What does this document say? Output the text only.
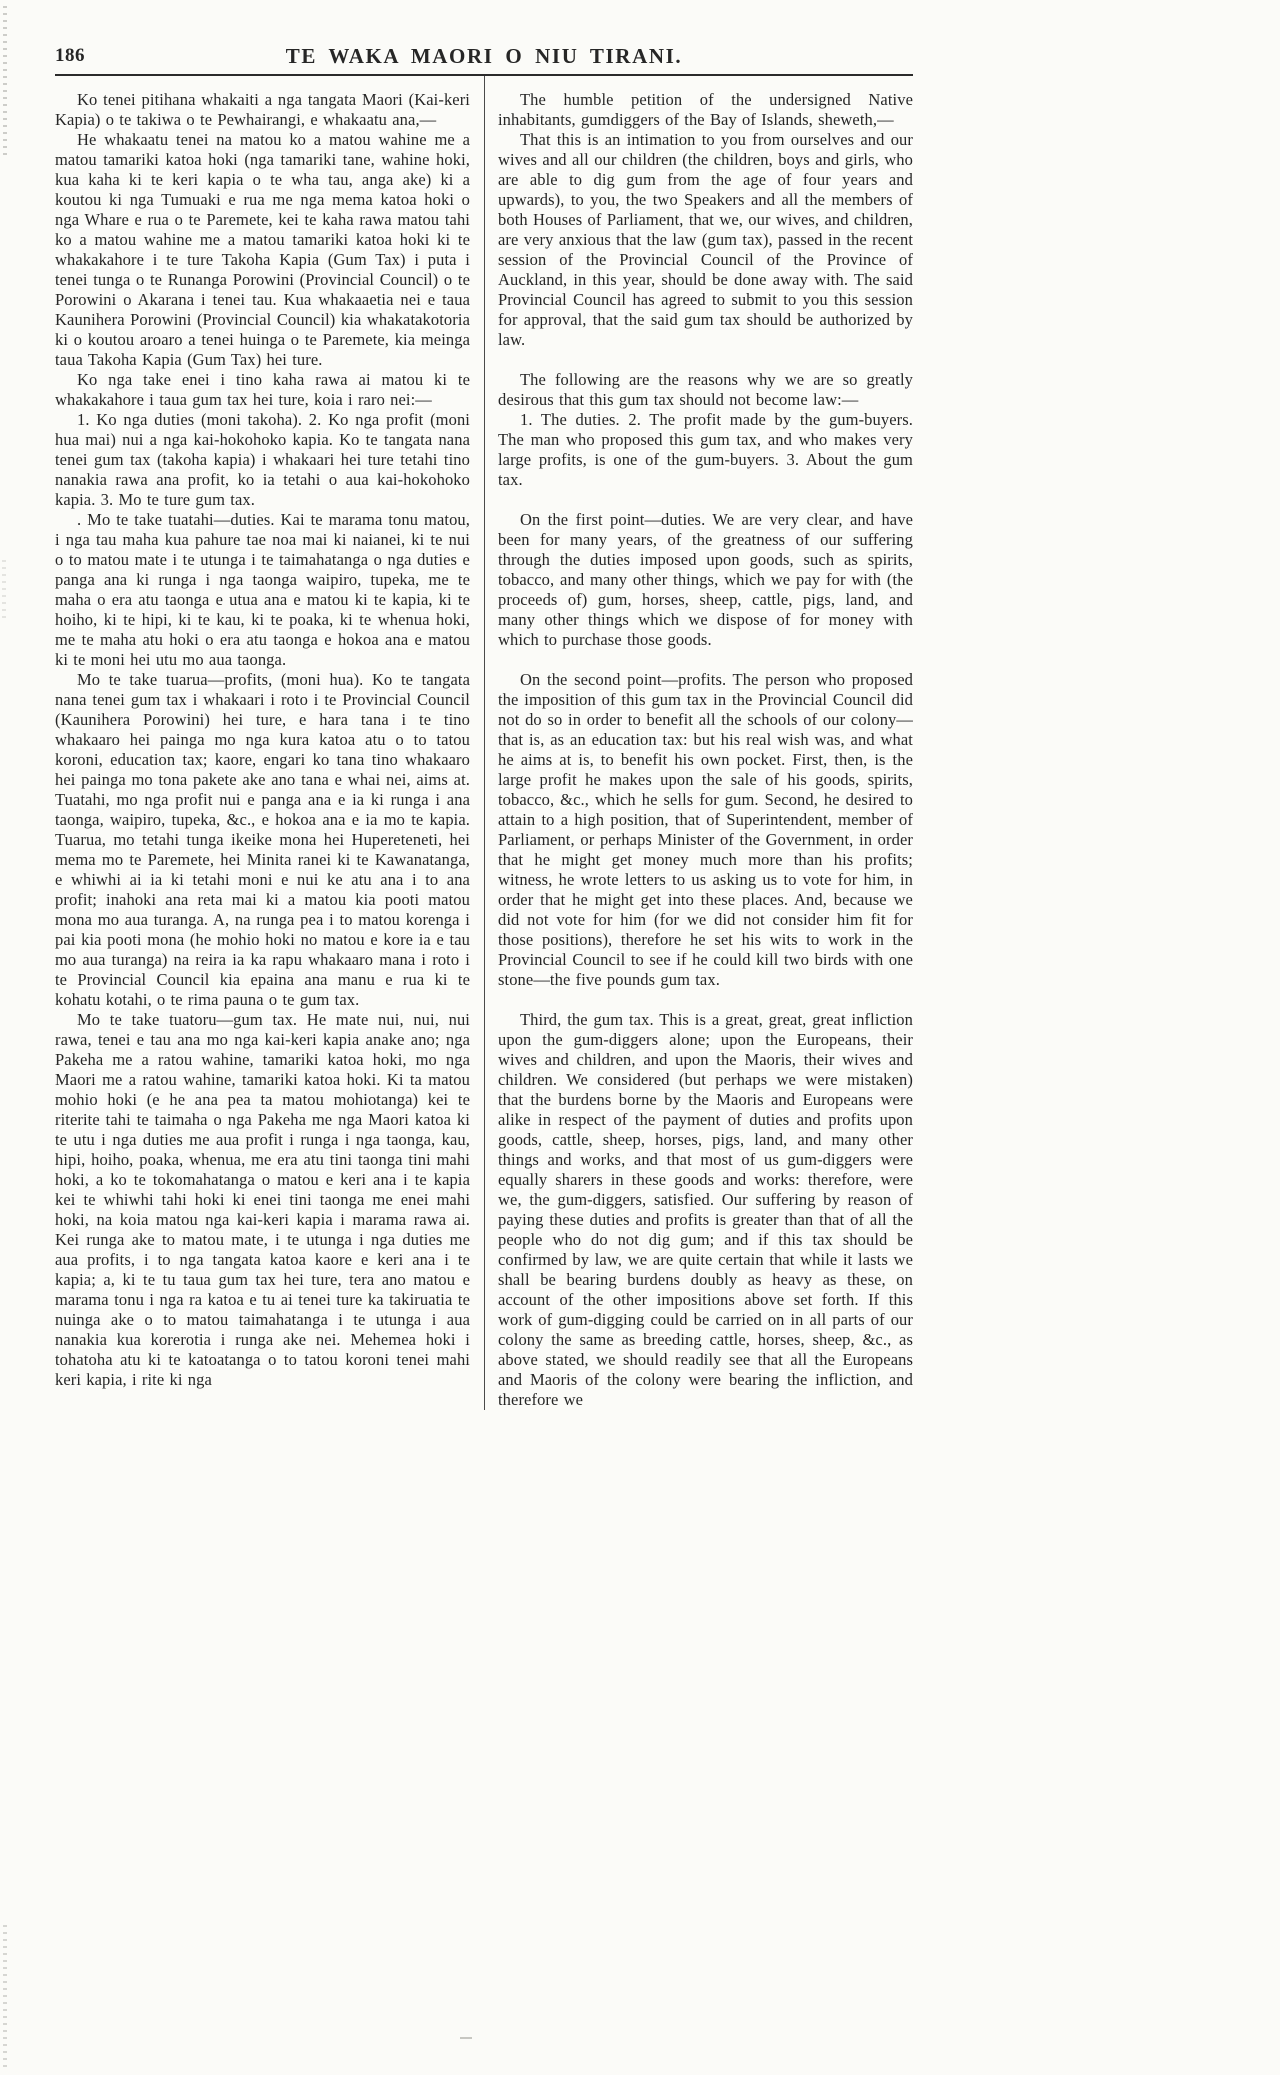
186	TE WAKA MAORI O NIU TIRANI.

Ko tenei pitihana whakaiti a nga tangata Maori (Kai-keri Kapia) o te takiwa o te Pewhairangi, e whakaatu ana,—

The humble petition of the undersigned Native inhabitants, gumdiggers of the Bay of Islands, sheweth,—

He whakaatu tenei na matou ko a matou wahine me a matou tamariki katoa hoki (nga tamariki tane, wahine hoki, kua kaha ki te keri kapia o te wha tau, anga ake) ki a koutou ki nga Tumuaki e rua me nga mema katoa hoki o nga Whare e rua o te Paremete, kei te kaha rawa matou tahi ko a matou wahine me a matou tamariki katoa hoki ki te whakakahore i te ture Takoha Kapia (Gum Tax) i puta i tenei tunga o te Runanga Porowini (Provincial Council) o te Porowini o Akarana i tenei tau. Kua whakaaetia nei e taua Kaunihera Porowini (Provincial Council) kia whakatakotoria ki o koutou aroaro a tenei huinga o te Paremete, kia meinga taua Takoha Kapia (Gum Tax) hei ture.

That this is an intimation to you from ourselves and our wives and all our children (the children, boys and girls, who are able to dig gum from the age of four years and upwards), to you, the two Speakers and all the members of both Houses of Parliament, that we, our wives, and children, are very anxious that the law (gum tax), passed in the recent session of the Provincial Council of the Province of Auckland, in this year, should be done away with. The said Provincial Council has agreed to submit to you this session for approval, that the said gum tax should be authorized by law.

Ko nga take enei i tino kaha rawa ai matou ki te whakakahore i taua gum tax hei ture, koia i raro nei:—

The following are the reasons why we are so greatly desirous that this gum tax should not become law:—

1. Ko nga duties (moni takoha). 2. Ko nga profit (moni hua mai) nui a nga kai-hokohoko kapia. Ko te tangata nana tenei gum tax (takoha kapia) i whakaari hei ture tetahi tino nanakia rawa ana profit, ko ia tetahi o aua kai-hokohoko kapia. 3. Mo te ture gum tax.

1. The duties. 2. The profit made by the gum-buyers. The man who proposed this gum tax, and who makes very large profits, is one of the gum-buyers. 3. About the gum tax.

. Mo te take tuatahi—duties. Kai te marama tonu matou, i nga tau maha kua pahure tae noa mai ki naianei, ki te nui o to matou mate i te utunga i te taimahatanga o nga duties e panga ana ki runga i nga taonga waipiro, tupeka, me te maha o era atu taonga e utua ana e matou ki te kapia, ki te hoiho, ki te hipi, ki te kau, ki te poaka, ki te whenua hoki, me te maha atu hoki o era atu taonga e hokoa ana e matou ki te moni hei utu mo aua taonga.

On the first point—duties. We are very clear, and have been for many years, of the greatness of our suffering through the duties imposed upon goods, such as spirits, tobacco, and many other things, which we pay for with (the proceeds of) gum, horses, sheep, cattle, pigs, land, and many other things which we dispose of for money with which to purchase those goods.

Mo te take tuarua—profits, (moni hua). Ko te tangata nana tenei gum tax i whakaari i roto i te Provincial Council (Kaunihera Porowini) hei ture, e hara tana i te tino whakaaro hei painga mo nga kura katoa atu o to tatou koroni, education tax; kaore, engari ko tana tino whakaaro hei painga mo tona pakete ake ano tana e whai nei, aims at. Tuatahi, mo nga profit nui e panga ana e ia ki runga i ana taonga, waipiro, tupeka, &c., e hokoa ana e ia mo te kapia. Tuarua, mo tetahi tunga ikeike mona hei Hupereteneti, hei mema mo te Paremete, hei Minita ranei ki te Kawanatanga, e whiwhi ai ia ki tetahi moni e nui ke atu ana i to ana profit; inahoki ana reta mai ki a matou kia pooti matou mona mo aua turanga. A, na runga pea i to matou korenga i pai kia pooti mona (he mohio hoki no matou e kore ia e tau mo aua turanga) na reira ia ka rapu whakaaro mana i roto i te Provincial Council kia epaina ana manu e rua ki te kohatu kotahi, o te rima pauna o te gum tax.

On the second point—profits. The person who proposed the imposition of this gum tax in the Provincial Council did not do so in order to benefit all the schools of our colony—that is, as an education tax: but his real wish was, and what he aims at is, to benefit his own pocket. First, then, is the large profit he makes upon the sale of his goods, spirits, tobacco, &c., which he sells for gum. Second, he desired to attain to a high position, that of Superintendent, member of Parliament, or perhaps Minister of the Government, in order that he might get money much more than his profits; witness, he wrote letters to us asking us to vote for him, in order that he might get into these places. And, because we did not vote for him (for we did not consider him fit for those positions), therefore he set his wits to work in the Provincial Council to see if he could kill two birds with one stone—the five pounds gum tax.

Mo te take tuatoru—gum tax. He mate nui, nui, nui rawa, tenei e tau ana mo nga kai-keri kapia anake ano; nga Pakeha me a ratou wahine, tamariki katoa hoki, mo nga Maori me a ratou wahine, tamariki katoa hoki. Ki ta matou mohio hoki (e he ana pea ta matou mohiotanga) kei te riterite tahi te taimaha o nga Pakeha me nga Maori katoa ki te utu i nga duties me aua profit i runga i nga taonga, kau, hipi, hoiho, poaka, whenua, me era atu tini taonga tini mahi hoki, a ko te tokomahatanga o matou e keri ana i te kapia kei te whiwhi tahi hoki ki enei tini taonga me enei mahi hoki, na koia matou nga kai-keri kapia i marama rawa ai. Kei runga ake to matou mate, i te utunga i nga duties me aua profits, i to nga tangata katoa kaore e keri ana i te kapia; a, ki te tu taua gum tax hei ture, tera ano matou e marama tonu i nga ra katoa e tu ai tenei ture ka takiruatia te nuinga ake o to matou taimahatanga i te utunga i aua nanakia kua korerotia i runga ake nei. Mehemea hoki i tohatoha atu ki te katoatanga o to tatou koroni tenei mahi keri kapia, i rite ki nga

Third, the gum tax. This is a great, great, great infliction upon the gum-diggers alone; upon the Europeans, their wives and children, and upon the Maoris, their wives and children. We considered (but perhaps we were mistaken) that the burdens borne by the Maoris and Europeans were alike in respect of the payment of duties and profits upon goods, cattle, sheep, horses, pigs, land, and many other things and works, and that most of us gum-diggers were equally sharers in these goods and works: therefore, were we, the gum-diggers, satisfied. Our suffering by reason of paying these duties and profits is greater than that of all the people who do not dig gum; and if this tax should be confirmed by law, we are quite certain that while it lasts we shall be bearing burdens doubly as heavy as these, on account of the other impositions above set forth. If this work of gum-digging could be carried on in all parts of our colony the same as breeding cattle, horses, sheep, &c., as above stated, we should readily see that all the Europeans and Maoris of the colony were bearing the infliction, and therefore we
